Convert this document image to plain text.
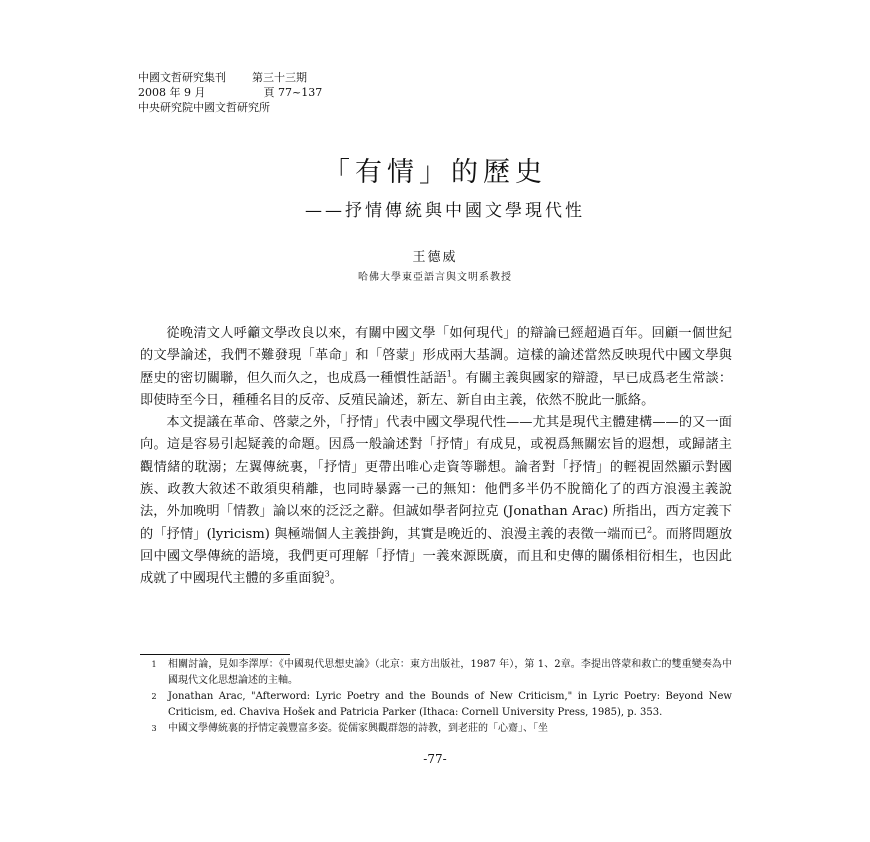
中國文哲研究集刊 第三十三期
2008 年 9 月	頁 77~137
中央研究院中國文哲研究所
「有情」的歷史
——抒情傳統與中國文學現代性
王德威
哈佛大學東亞語言與文明系教授

從晚清文人呼籲文學改良以來，有關中國文學「如何現代」的辯論已經超過百年。回顧一個世紀的文學論述，我們不難發現「革命」和「啓蒙」形成兩大基調。這樣的論述當然反映現代中國文學與歷史的密切關聯，但久而久之，也成爲一種慣性話語$^1$。有關主義與國家的辯證，早已成爲老生常談：即使時至今日，種種名目的反帝、反殖民論述，新左、新自由主義，依然不脫此一脈絡。

本文提議在革命、啓蒙之外，「抒情」代表中國文學現代性——尤其是現代主體建構——的又一面向。這是容易引起疑義的命題。因爲一般論述對「抒情」有成見，或視爲無關宏旨的遐想，或歸諸主觀情緒的耽溺；左翼傳統裏，「抒情」更帶出唯心走資等聯想。論者對「抒情」的輕視固然顯示對國族、政教大敘述不敢須臾稍離，也同時暴露一己的無知：他們多半仍不脫簡化了的西方浪漫主義說法，外加晚明「情教」論以來的泛泛之辭。但誠如學者阿拉克 (Jonathan Arac) 所指出，西方定義下的「抒情」(lyricism) 與極端個人主義掛鉤，其實是晚近的、浪漫主義的表徵一端而已$^2$。而將問題放回中國文學傳統的語境，我們更可理解「抒情」一義來源既廣，而且和史傳的關係相衍相生，也因此成就了中國現代主體的多重面貌$^3$。

1	相關討論，見如李澤厚：《中國現代思想史論》（北京：東方出版社，1987 年），第 1、2章。李提出啓蒙和救亡的雙重變奏為中國現代文化思想論述的主軸。
2	Jonathan Arac, "Afterword: Lyric Poetry and the Bounds of New Criticism," in Lyric Poetry: Beyond New Criticism, ed. Chaviva Hošek and Patricia Parker (Ithaca: Cornell University Press, 1985), p. 353.
3	中國文學傳統裏的抒情定義豐富多姿。從儒家興觀群怨的詩教，到老莊的「心齋」、「坐
-77-
